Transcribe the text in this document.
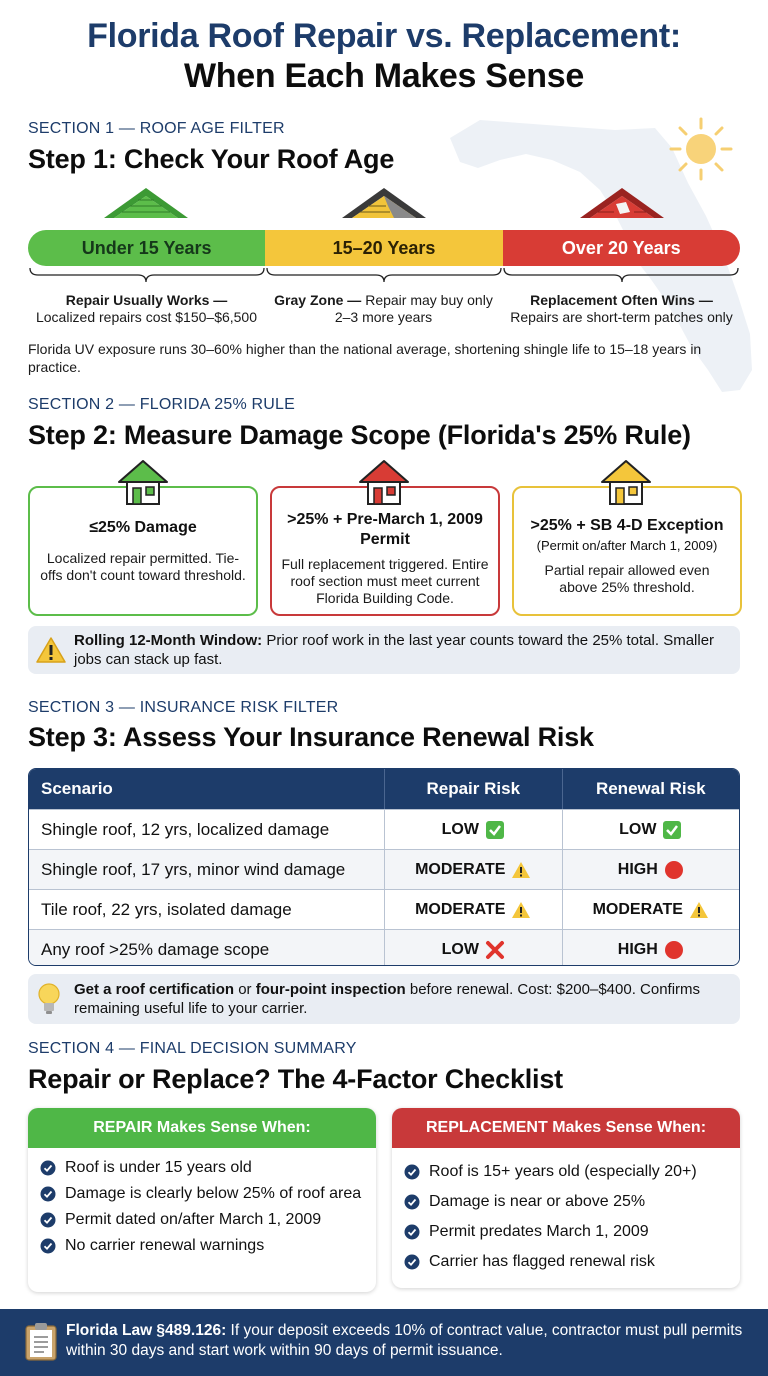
Florida Roof Repair vs. Replacement:
When Each Makes Sense
SECTION 1 — ROOF AGE FILTER
Step 1: Check Your Roof Age
Under 15 Years	15–20 Years	Over 20 Years
Repair Usually Works —
Localized repairs cost $150–$6,500
Gray Zone — Repair may buy only 2–3 more years
Replacement Often Wins —
Repairs are short-term patches only
Florida UV exposure runs 30–60% higher than the national average, shortening shingle life to 15–18 years in practice.
SECTION 2 — FLORIDA 25% RULE
Step 2: Measure Damage Scope (Florida's 25% Rule)
≤25% Damage
Localized repair permitted. Tie-offs don't count toward threshold.
>25% + Pre-March 1, 2009 Permit
Full replacement triggered. Entire roof section must meet current Florida Building Code.
>25% + SB 4-D Exception
(Permit on/after March 1, 2009)
Partial repair allowed even above 25% threshold.
Rolling 12-Month Window: Prior roof work in the last year counts toward the 25% total. Smaller jobs can stack up fast.
SECTION 3 — INSURANCE RISK FILTER
Step 3: Assess Your Insurance Renewal Risk
Scenario	Repair Risk	Renewal Risk
Shingle roof, 12 yrs, localized damage	LOW	LOW
Shingle roof, 17 yrs, minor wind damage	MODERATE	HIGH
Tile roof, 22 yrs, isolated damage	MODERATE	MODERATE
Any roof >25% damage scope	LOW	HIGH
Get a roof certification or four-point inspection before renewal. Cost: $200–$400. Confirms remaining useful life to your carrier.
SECTION 4 — FINAL DECISION SUMMARY
Repair or Replace? The 4-Factor Checklist
REPAIR Makes Sense When:
Roof is under 15 years old
Damage is clearly below 25% of roof area
Permit dated on/after March 1, 2009
No carrier renewal warnings
REPLACEMENT Makes Sense When:
Roof is 15+ years old (especially 20+)
Damage is near or above 25%
Permit predates March 1, 2009
Carrier has flagged renewal risk
Florida Law §489.126: If your deposit exceeds 10% of contract value, contractor must pull permits within 30 days and start work within 90 days of permit issuance.
